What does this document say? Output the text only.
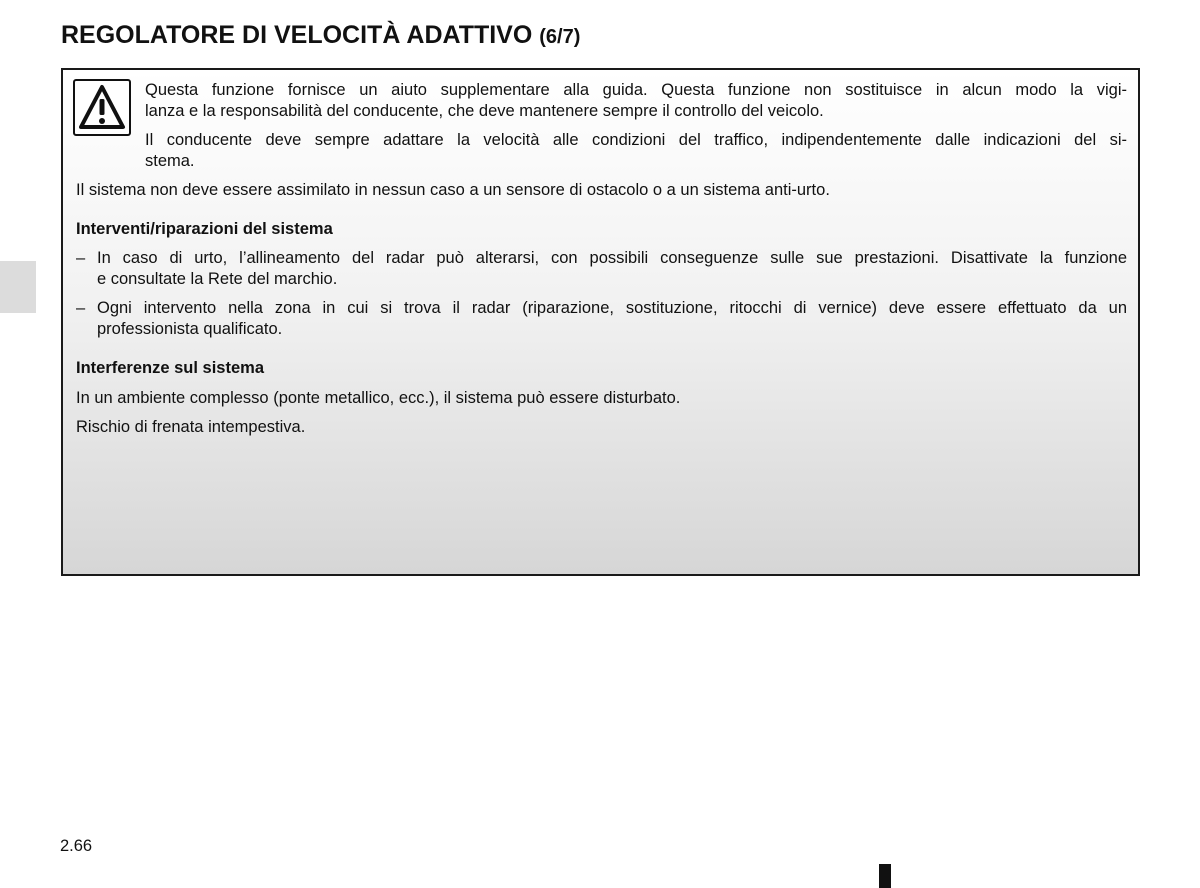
REGOLATORE DI VELOCITÀ ADATTIVO (6/7)
Questa funzione fornisce un aiuto supplementare alla guida. Questa funzione non sostituisce in alcun modo la vigi-
lanza e la responsabilità del conducente, che deve mantenere sempre il controllo del veicolo.
Il conducente deve sempre adattare la velocità alle condizioni del traffico, indipendentemente dalle indicazioni del si-
stema.
Il sistema non deve essere assimilato in nessun caso a un sensore di ostacolo o a un sistema anti-urto.
Interventi/riparazioni del sistema
– In caso di urto, l’allineamento del radar può alterarsi, con possibili conseguenze sulle sue prestazioni. Disattivate la funzione
e consultate la Rete del marchio.
– Ogni intervento nella zona in cui si trova il radar (riparazione, sostituzione, ritocchi di vernice) deve essere effettuato da un
professionista qualificato.
Interferenze sul sistema
In un ambiente complesso (ponte metallico, ecc.), il sistema può essere disturbato.
Rischio di frenata intempestiva.
2.66
